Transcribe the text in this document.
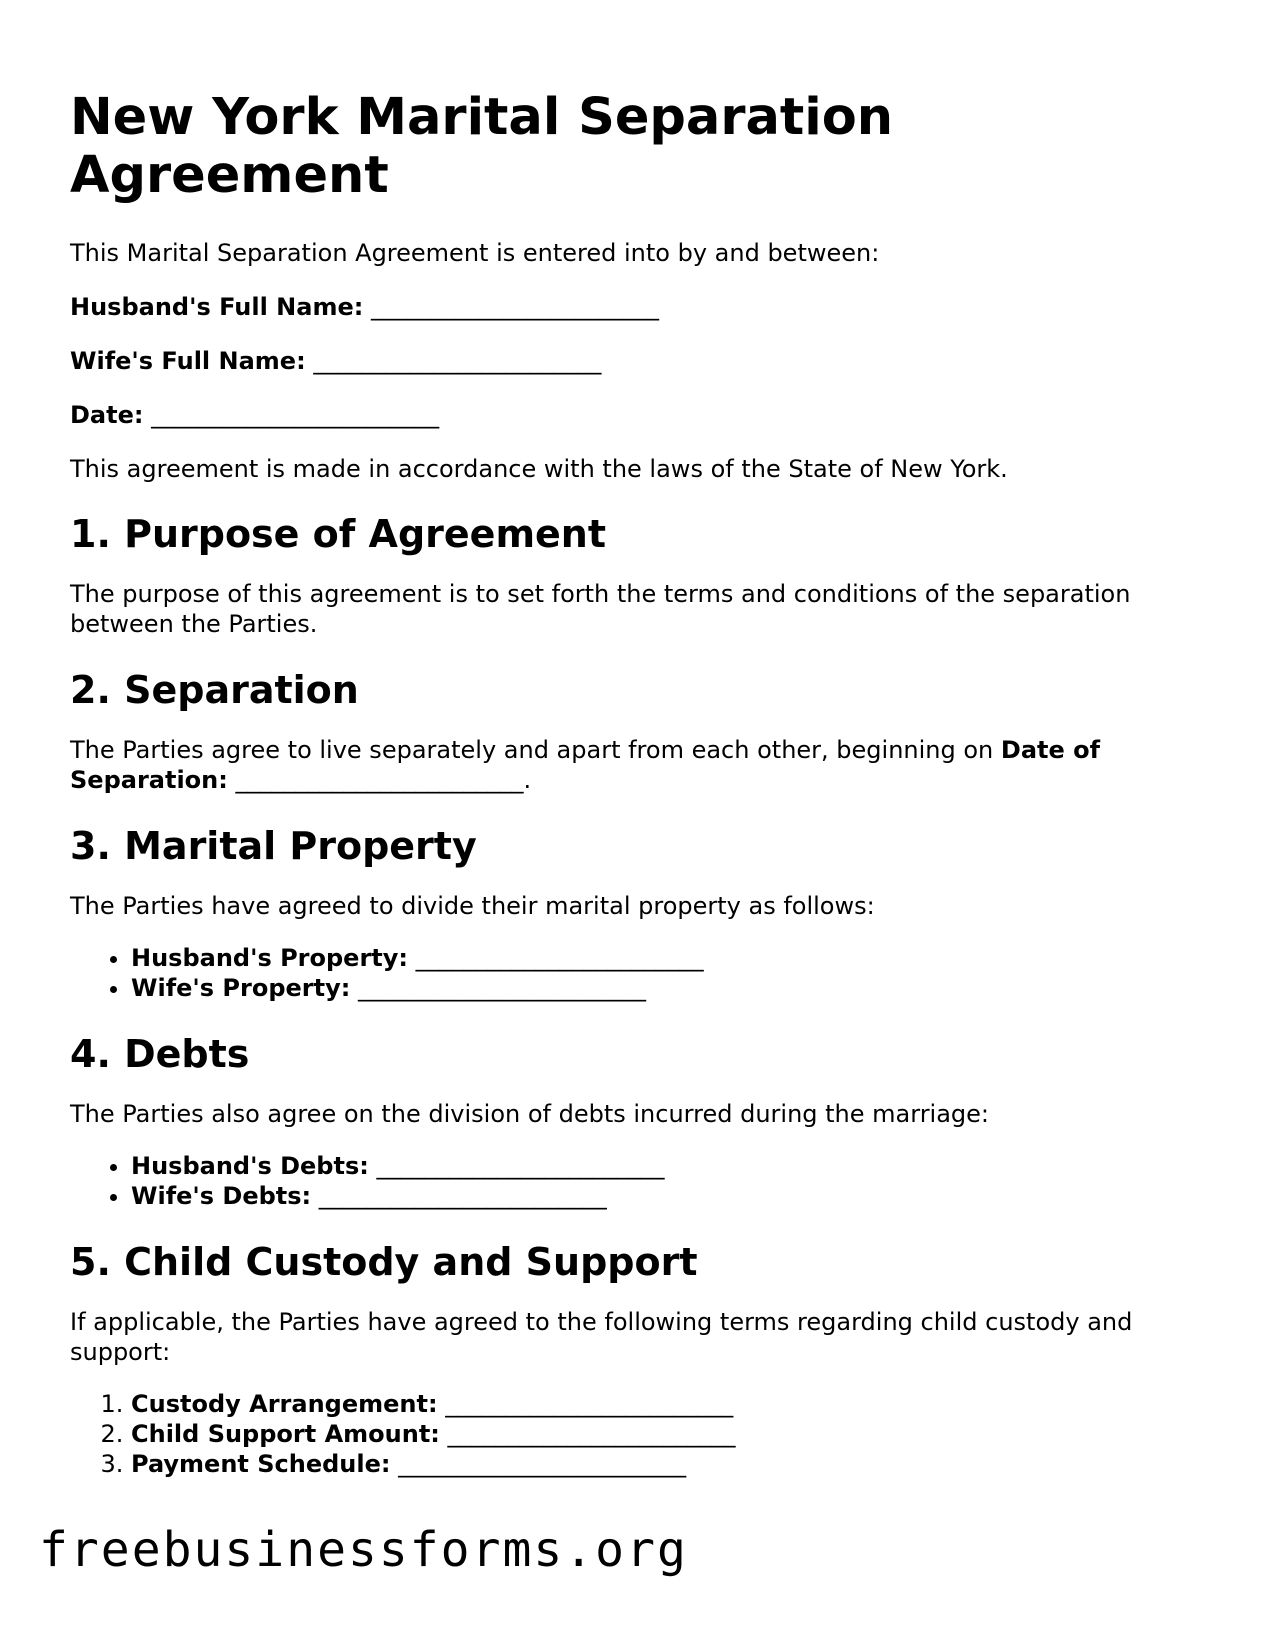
New York Marital Separation Agreement

This Marital Separation Agreement is entered into by and between:

Husband's Full Name: ________________________

Wife's Full Name: ________________________

Date: ________________________

This agreement is made in accordance with the laws of the State of New York.

1. Purpose of Agreement

The purpose of this agreement is to set forth the terms and conditions of the separation between the Parties.

2. Separation

The Parties agree to live separately and apart from each other, beginning on Date of Separation: ________________________.

3. Marital Property

The Parties have agreed to divide their marital property as follows:

• Husband's Property: ________________________
• Wife's Property: ________________________
4. Debts

The Parties also agree on the division of debts incurred during the marriage:

• Husband's Debts: ________________________
• Wife's Debts: ________________________
5. Child Custody and Support

If applicable, the Parties have agreed to the following terms regarding child custody and support:

1. Custody Arrangement: ________________________
2. Child Support Amount: ________________________
3. Payment Schedule: ________________________

freebusinessforms.org
